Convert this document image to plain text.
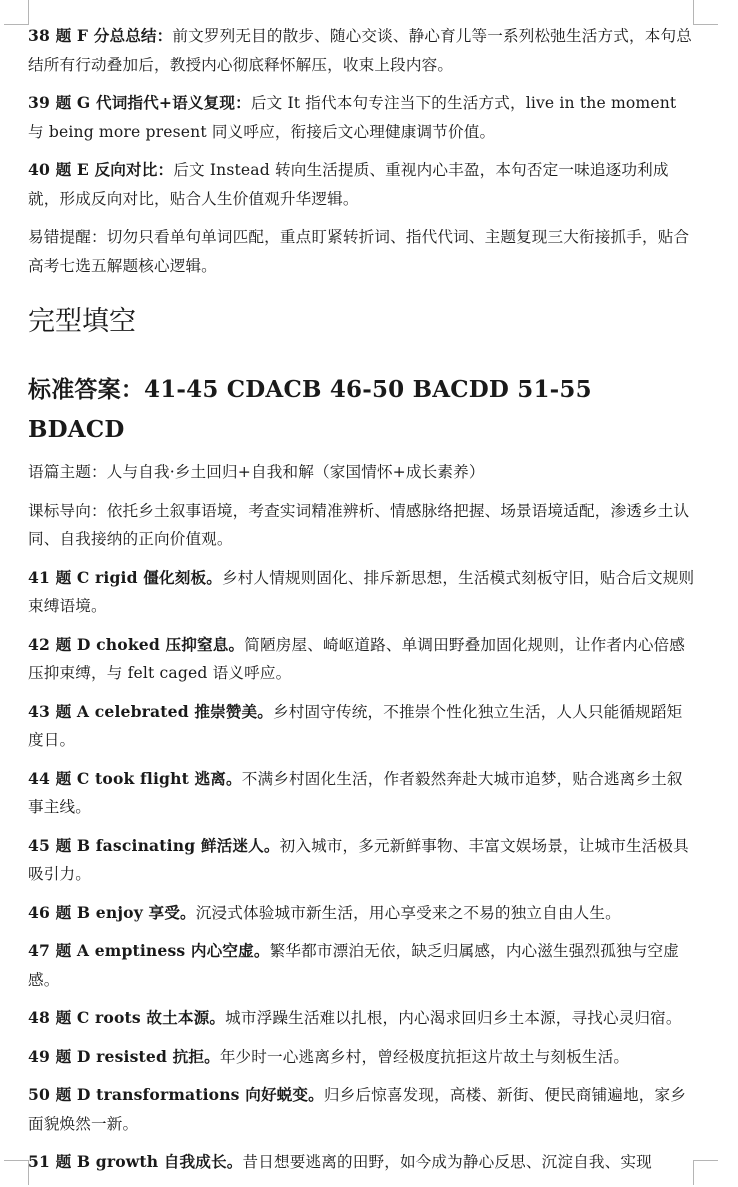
38 题 F 分总总结：前文罗列无目的散步、随心交谈、静心育儿等一系列松弛生活方式，本句总结所有行动叠加后，教授内心彻底释怀解压，收束上段内容。

39 题 G 代词指代+语义复现：后文 It 指代本句专注当下的生活方式，live in the moment 与 being more present 同义呼应，衔接后文心理健康调节价值。

40 题 E 反向对比：后文 Instead 转向生活提质、重视内心丰盈，本句否定一味追逐功利成就，形成反向对比，贴合人生价值观升华逻辑。

易错提醒：切勿只看单句单词匹配，重点盯紧转折词、指代代词、主题复现三大衔接抓手，贴合高考七选五解题核心逻辑。

完型填空
标准答案：41-45 CDACB 46-50 BACDD 51-55 BDACD

语篇主题：人与自我·乡土回归+自我和解（家国情怀+成长素养）

课标导向：依托乡土叙事语境，考查实词精准辨析、情感脉络把握、场景语境适配，渗透乡土认同、自我接纳的正向价值观。

41 题 C rigid 僵化刻板。乡村人情规则固化、排斥新思想，生活模式刻板守旧，贴合后文规则束缚语境。

42 题 D choked 压抑窒息。简陋房屋、崎岖道路、单调田野叠加固化规则，让作者内心倍感压抑束缚，与 felt caged 语义呼应。

43 题 A celebrated 推崇赞美。乡村固守传统，不推崇个性化独立生活，人人只能循规蹈矩度日。

44 题 C took flight 逃离。不满乡村固化生活，作者毅然奔赴大城市追梦，贴合逃离乡土叙事主线。

45 题 B fascinating 鲜活迷人。初入城市，多元新鲜事物、丰富文娱场景，让城市生活极具吸引力。

46 题 B enjoy 享受。沉浸式体验城市新生活，用心享受来之不易的独立自由人生。

47 题 A emptiness 内心空虚。繁华都市漂泊无依，缺乏归属感，内心滋生强烈孤独与空虚感。

48 题 C roots 故土本源。城市浮躁生活难以扎根，内心渴求回归乡土本源，寻找心灵归宿。

49 题 D resisted 抗拒。年少时一心逃离乡村，曾经极度抗拒这片故土与刻板生活。

50 题 D transformations 向好蜕变。归乡后惊喜发现，高楼、新街、便民商铺遍地，家乡面貌焕然一新。

51 题 B growth 自我成长。昔日想要逃离的田野，如今成为静心反思、沉淀自我、实现
